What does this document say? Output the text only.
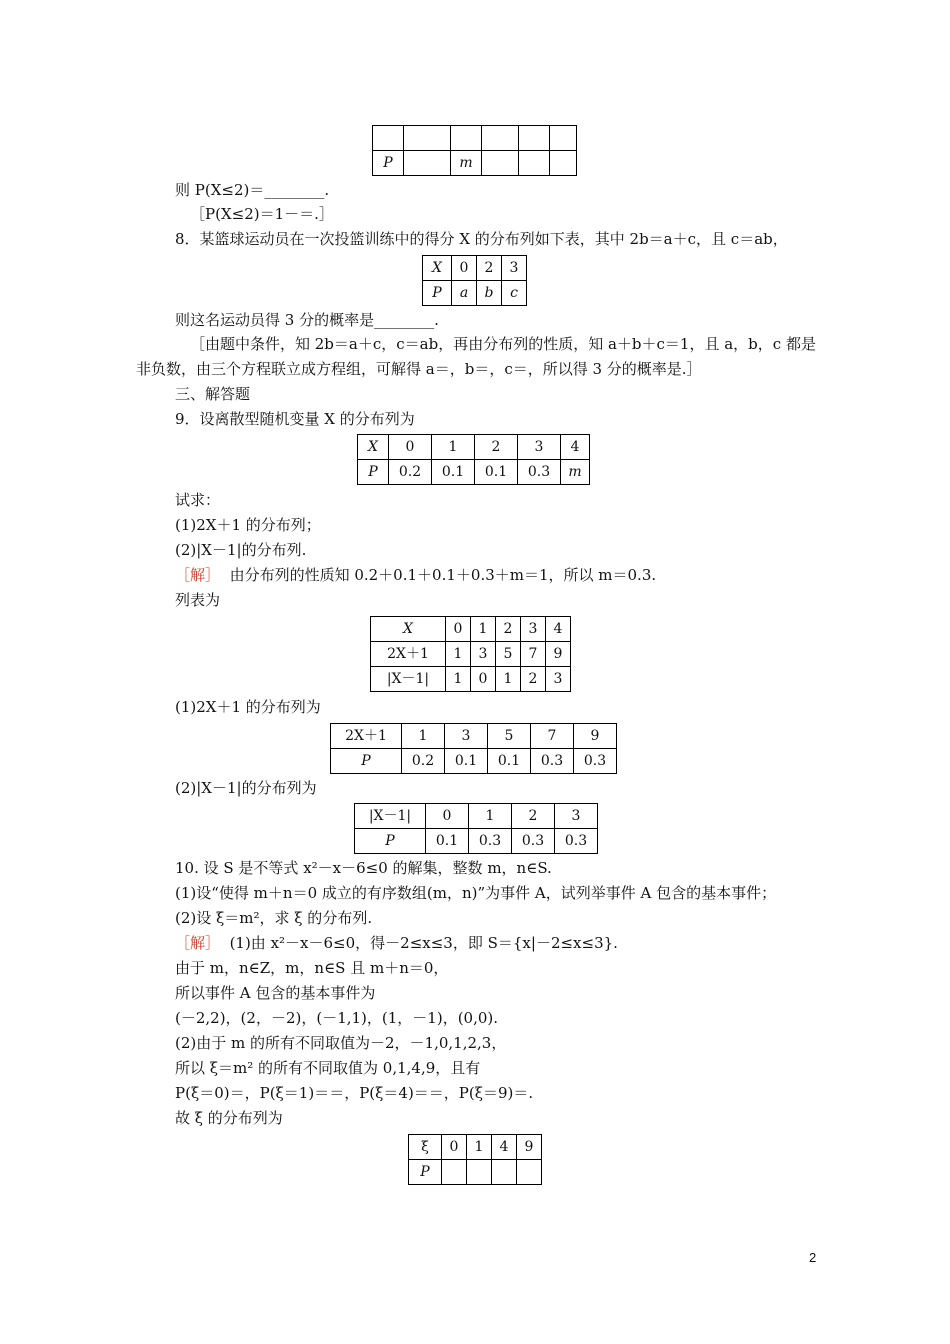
P		m			
则 P(X≤2)＝________.
［P(X≤2)＝1－＝.］
8．某篮球运动员在一次投篮训练中的得分 X 的分布列如下表，其中 2b＝a＋c，且 c＝ab，
X	0	2	3
P	a	b	c
则这名运动员得 3 分的概率是________.
［由题中条件，知 2b＝a＋c，c＝ab，再由分布列的性质，知 a＋b＋c＝1，且 a，b，c 都是
非负数，由三个方程联立成方程组，可解得 a＝，b＝，c＝，所以得 3 分的概率是.］
三、解答题
9．设离散型随机变量 X 的分布列为
X	0	1	2	3	4
P	0.2	0.1	0.1	0.3	m
试求：
(1)2X＋1 的分布列；
(2)|X－1|的分布列.
［解］ 由分布列的性质知 0.2＋0.1＋0.1＋0.3＋m＝1，所以 m＝0.3.
列表为
X	0	1	2	3	4
2X＋1	1	3	5	7	9
|X－1|	1	0	1	2	3
(1)2X＋1 的分布列为
2X＋1	1	3	5	7	9
P	0.2	0.1	0.1	0.3	0.3
(2)|X－1|的分布列为
|X－1|	0	1	2	3
P	0.1	0.3	0.3	0.3
10. 设 S 是不等式 x²－x－6≤0 的解集，整数 m，n∈S.
(1)设“使得 m＋n＝0 成立的有序数组(m，n)”为事件 A，试列举事件 A 包含的基本事件；
(2)设 ξ＝m²，求 ξ 的分布列.
［解］ (1)由 x²－x－6≤0，得－2≤x≤3，即 S＝{x|－2≤x≤3}.
由于 m，n∈Z，m，n∈S 且 m＋n＝0，
所以事件 A 包含的基本事件为
(－2,2)，(2，－2)，(－1,1)，(1，－1)，(0,0).
(2)由于 m 的所有不同取值为－2，－1,0,1,2,3，
所以 ξ＝m² 的所有不同取值为 0,1,4,9，且有
P(ξ＝0)＝，P(ξ＝1)＝＝，P(ξ＝4)＝＝，P(ξ＝9)＝.
故 ξ 的分布列为
ξ	0	1	4	9
P				
2
